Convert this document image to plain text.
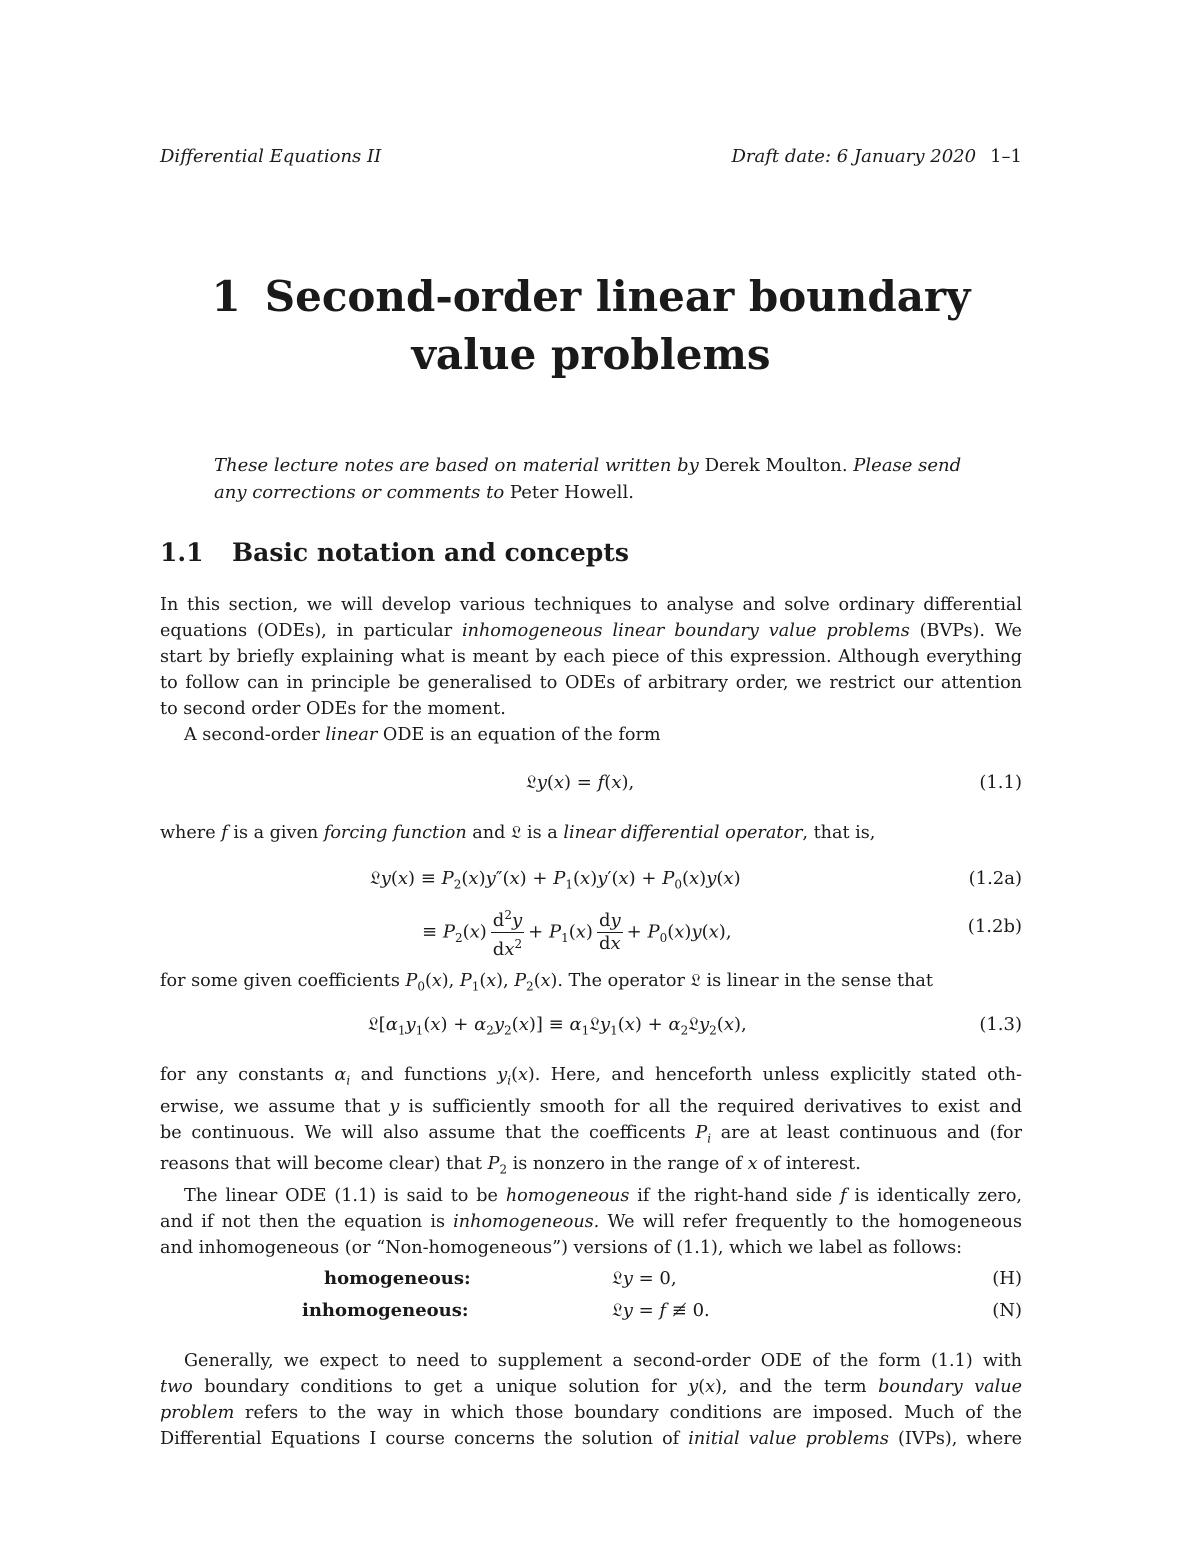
Differential Equations II	Draft date: 6 January 2020 1–1
1 Second-order linear boundary
value problems
These lecture notes are based on material written by Derek Moulton. Please send
any corrections or comments to Peter Howell.
1.1 Basic notation and concepts
In this section, we will develop various techniques to analyse and solve ordinary differential
equations (ODEs), in particular inhomogeneous linear boundary value problems (BVPs). We
start by briefly explaining what is meant by each piece of this expression. Although everything
to follow can in principle be generalised to ODEs of arbitrary order, we restrict our attention
to second order ODEs for the moment.
A second-order linear ODE is an equation of the form
𝔏y(x) = f(x),	(1.1)
where f is a given forcing function and 𝔏 is a linear differential operator, that is,
𝔏y(x) ≡ $P_2(x)y''(x) + P_1(x)y'(x) + P_0(x)y(x)$	(1.2a)
≡ $P_2(x) \frac{d^2y}{dx^2} + P_1(x) \frac{dy}{dx} + P_0(x)y(x)$,	(1.2b)
for some given coefficients $P_0(x)$, $P_1(x)$, $P_2(x)$. The operator 𝔏 is linear in the sense that
$𝔏[\alpha_1y_1(x) + \alpha_2y_2(x)]$ ≡ $\alpha_1𝔏y_1(x)$ + $\alpha_2𝔏y_2(x)$,	(1.3)
for any constants $\alpha_i$ and functions $y_i(x)$. Here, and henceforth unless explicitly stated oth-
erwise, we assume that y is sufficiently smooth for all the required derivatives to exist and
be continuous. We will also assume that the coefficents $P_i$ are at least continuous and (for
reasons that will become clear) that $P_2$ is nonzero in the range of x of interest.
The linear ODE (1.1) is said to be homogeneous if the right-hand side f is identically zero,
and if not then the equation is inhomogeneous. We will refer frequently to the homogeneous
and inhomogeneous (or “Non-homogeneous”) versions of (1.1), which we label as follows:
homogeneous:	𝔏y = 0,	(H)
inhomogeneous:	𝔏y = f ≢ 0.	(N)
Generally, we expect to need to supplement a second-order ODE of the form (1.1) with
two boundary conditions to get a unique solution for y(x), and the term boundary value
problem refers to the way in which those boundary conditions are imposed. Much of the
Differential Equations I course concerns the solution of initial value problems (IVPs), where
